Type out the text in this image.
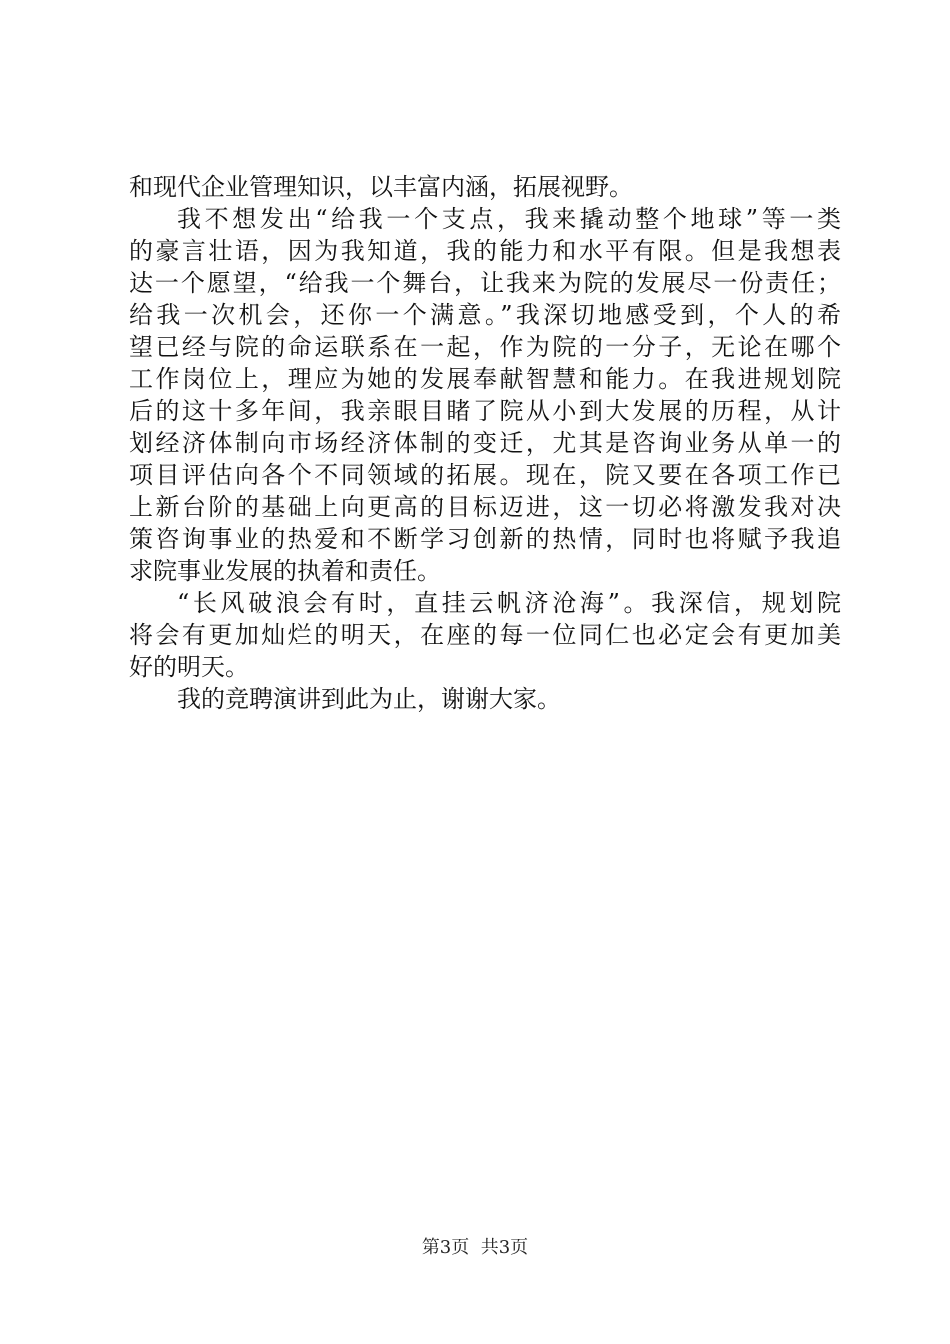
和现代企业管理知识，以丰富内涵，拓展视野。
我不想发出“给我一个支点，我来撬动整个地球”等一类
的豪言壮语，因为我知道，我的能力和水平有限。但是我想表
达一个愿望，“给我一个舞台，让我来为院的发展尽一份责任；
给我一次机会，还你一个满意。”我深切地感受到，个人的希
望已经与院的命运联系在一起，作为院的一分子，无论在哪个
工作岗位上，理应为她的发展奉献智慧和能力。在我进规划院
后的这十多年间，我亲眼目睹了院从小到大发展的历程，从计
划经济体制向市场经济体制的变迁，尤其是咨询业务从单一的
项目评估向各个不同领域的拓展。现在，院又要在各项工作已
上新台阶的基础上向更高的目标迈进，这一切必将激发我对决
策咨询事业的热爱和不断学习创新的热情，同时也将赋予我追
求院事业发展的执着和责任。
“长风破浪会有时，直挂云帆济沧海”。我深信，规划院
将会有更加灿烂的明天，在座的每一位同仁也必定会有更加美
好的明天。
我的竞聘演讲到此为止，谢谢大家。
第3页  共3页
